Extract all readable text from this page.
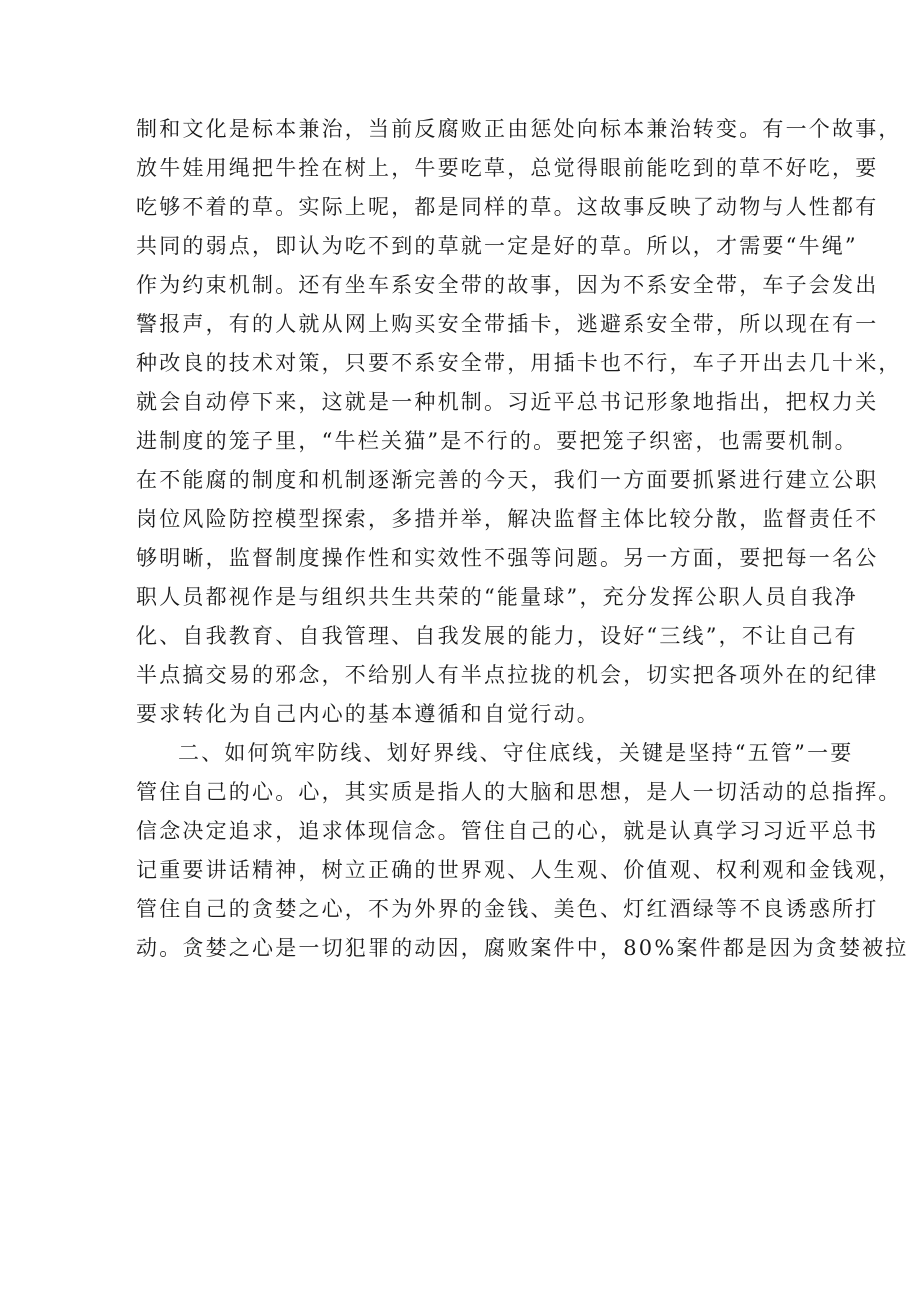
制和文化是标本兼治，当前反腐败正由惩处向标本兼治转变。有一个故事，
放牛娃用绳把牛拴在树上，牛要吃草，总觉得眼前能吃到的草不好吃，要
吃够不着的草。实际上呢，都是同样的草。这故事反映了动物与人性都有
共同的弱点，即认为吃不到的草就一定是好的草。所以，才需要“牛绳”
作为约束机制。还有坐车系安全带的故事，因为不系安全带，车子会发出
警报声，有的人就从网上购买安全带插卡，逃避系安全带，所以现在有一
种改良的技术对策，只要不系安全带，用插卡也不行，车子开出去几十米，
就会自动停下来，这就是一种机制。习近平总书记形象地指出，把权力关
进制度的笼子里，“牛栏关猫”是不行的。要把笼子织密，也需要机制。
在不能腐的制度和机制逐渐完善的今天，我们一方面要抓紧进行建立公职
岗位风险防控模型探索，多措并举，解决监督主体比较分散，监督责任不
够明晰，监督制度操作性和实效性不强等问题。另一方面，要把每一名公
职人员都视作是与组织共生共荣的“能量球”，充分发挥公职人员自我净
化、自我教育、自我管理、自我发展的能力，设好“三线”，不让自己有
半点搞交易的邪念，不给别人有半点拉拢的机会，切实把各项外在的纪律
要求转化为自己内心的基本遵循和自觉行动。
二、如何筑牢防线、划好界线、守住底线，关键是坚持“五管”一要
管住自己的心。心，其实质是指人的大脑和思想，是人一切活动的总指挥。
信念决定追求，追求体现信念。管住自己的心，就是认真学习习近平总书
记重要讲话精神，树立正确的世界观、人生观、价值观、权利观和金钱观，
管住自己的贪婪之心，不为外界的金钱、美色、灯红酒绿等不良诱惑所打
动。贪婪之心是一切犯罪的动因，腐败案件中，80%案件都是因为贪婪被拉
